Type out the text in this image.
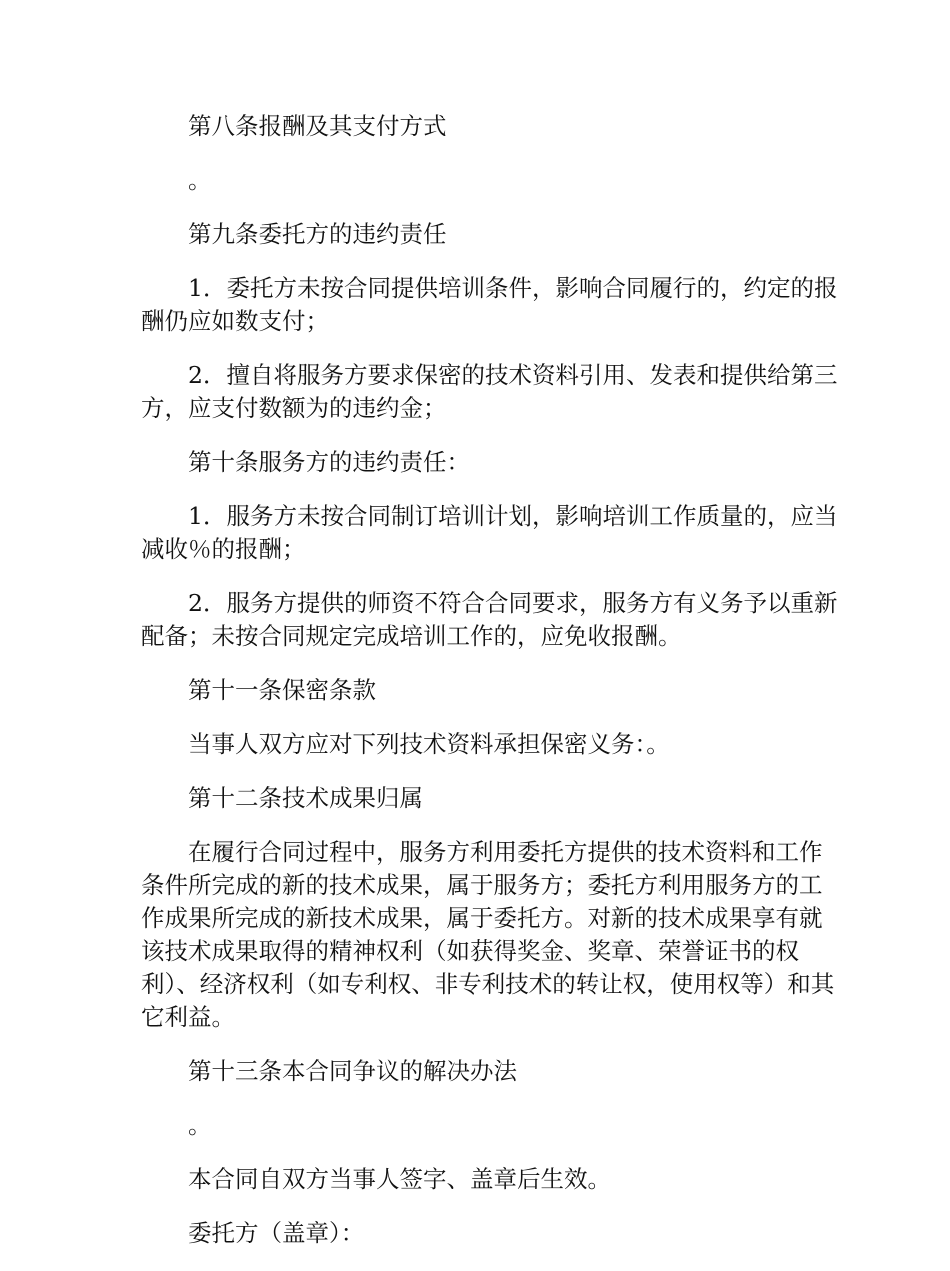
第八条报酬及其支付方式

。

第九条委托方的违约责任

1．委托方未按合同提供培训条件，影响合同履行的，约定的报酬仍应如数支付；

2．擅自将服务方要求保密的技术资料引用、发表和提供给第三方，应支付数额为的违约金；

第十条服务方的违约责任：

1．服务方未按合同制订培训计划，影响培训工作质量的，应当减收％的报酬；

2．服务方提供的师资不符合合同要求，服务方有义务予以重新配备；未按合同规定完成培训工作的，应免收报酬。

第十一条保密条款

当事人双方应对下列技术资料承担保密义务：。

第十二条技术成果归属

在履行合同过程中，服务方利用委托方提供的技术资料和工作条件所完成的新的技术成果，属于服务方；委托方利用服务方的工作成果所完成的新技术成果，属于委托方。对新的技术成果享有就该技术成果取得的精神权利（如获得奖金、奖章、荣誉证书的权利）、经济权利（如专利权、非专利技术的转让权，使用权等）和其它利益。

第十三条本合同争议的解决办法

。

本合同自双方当事人签字、盖章后生效。

委托方（盖章）：
